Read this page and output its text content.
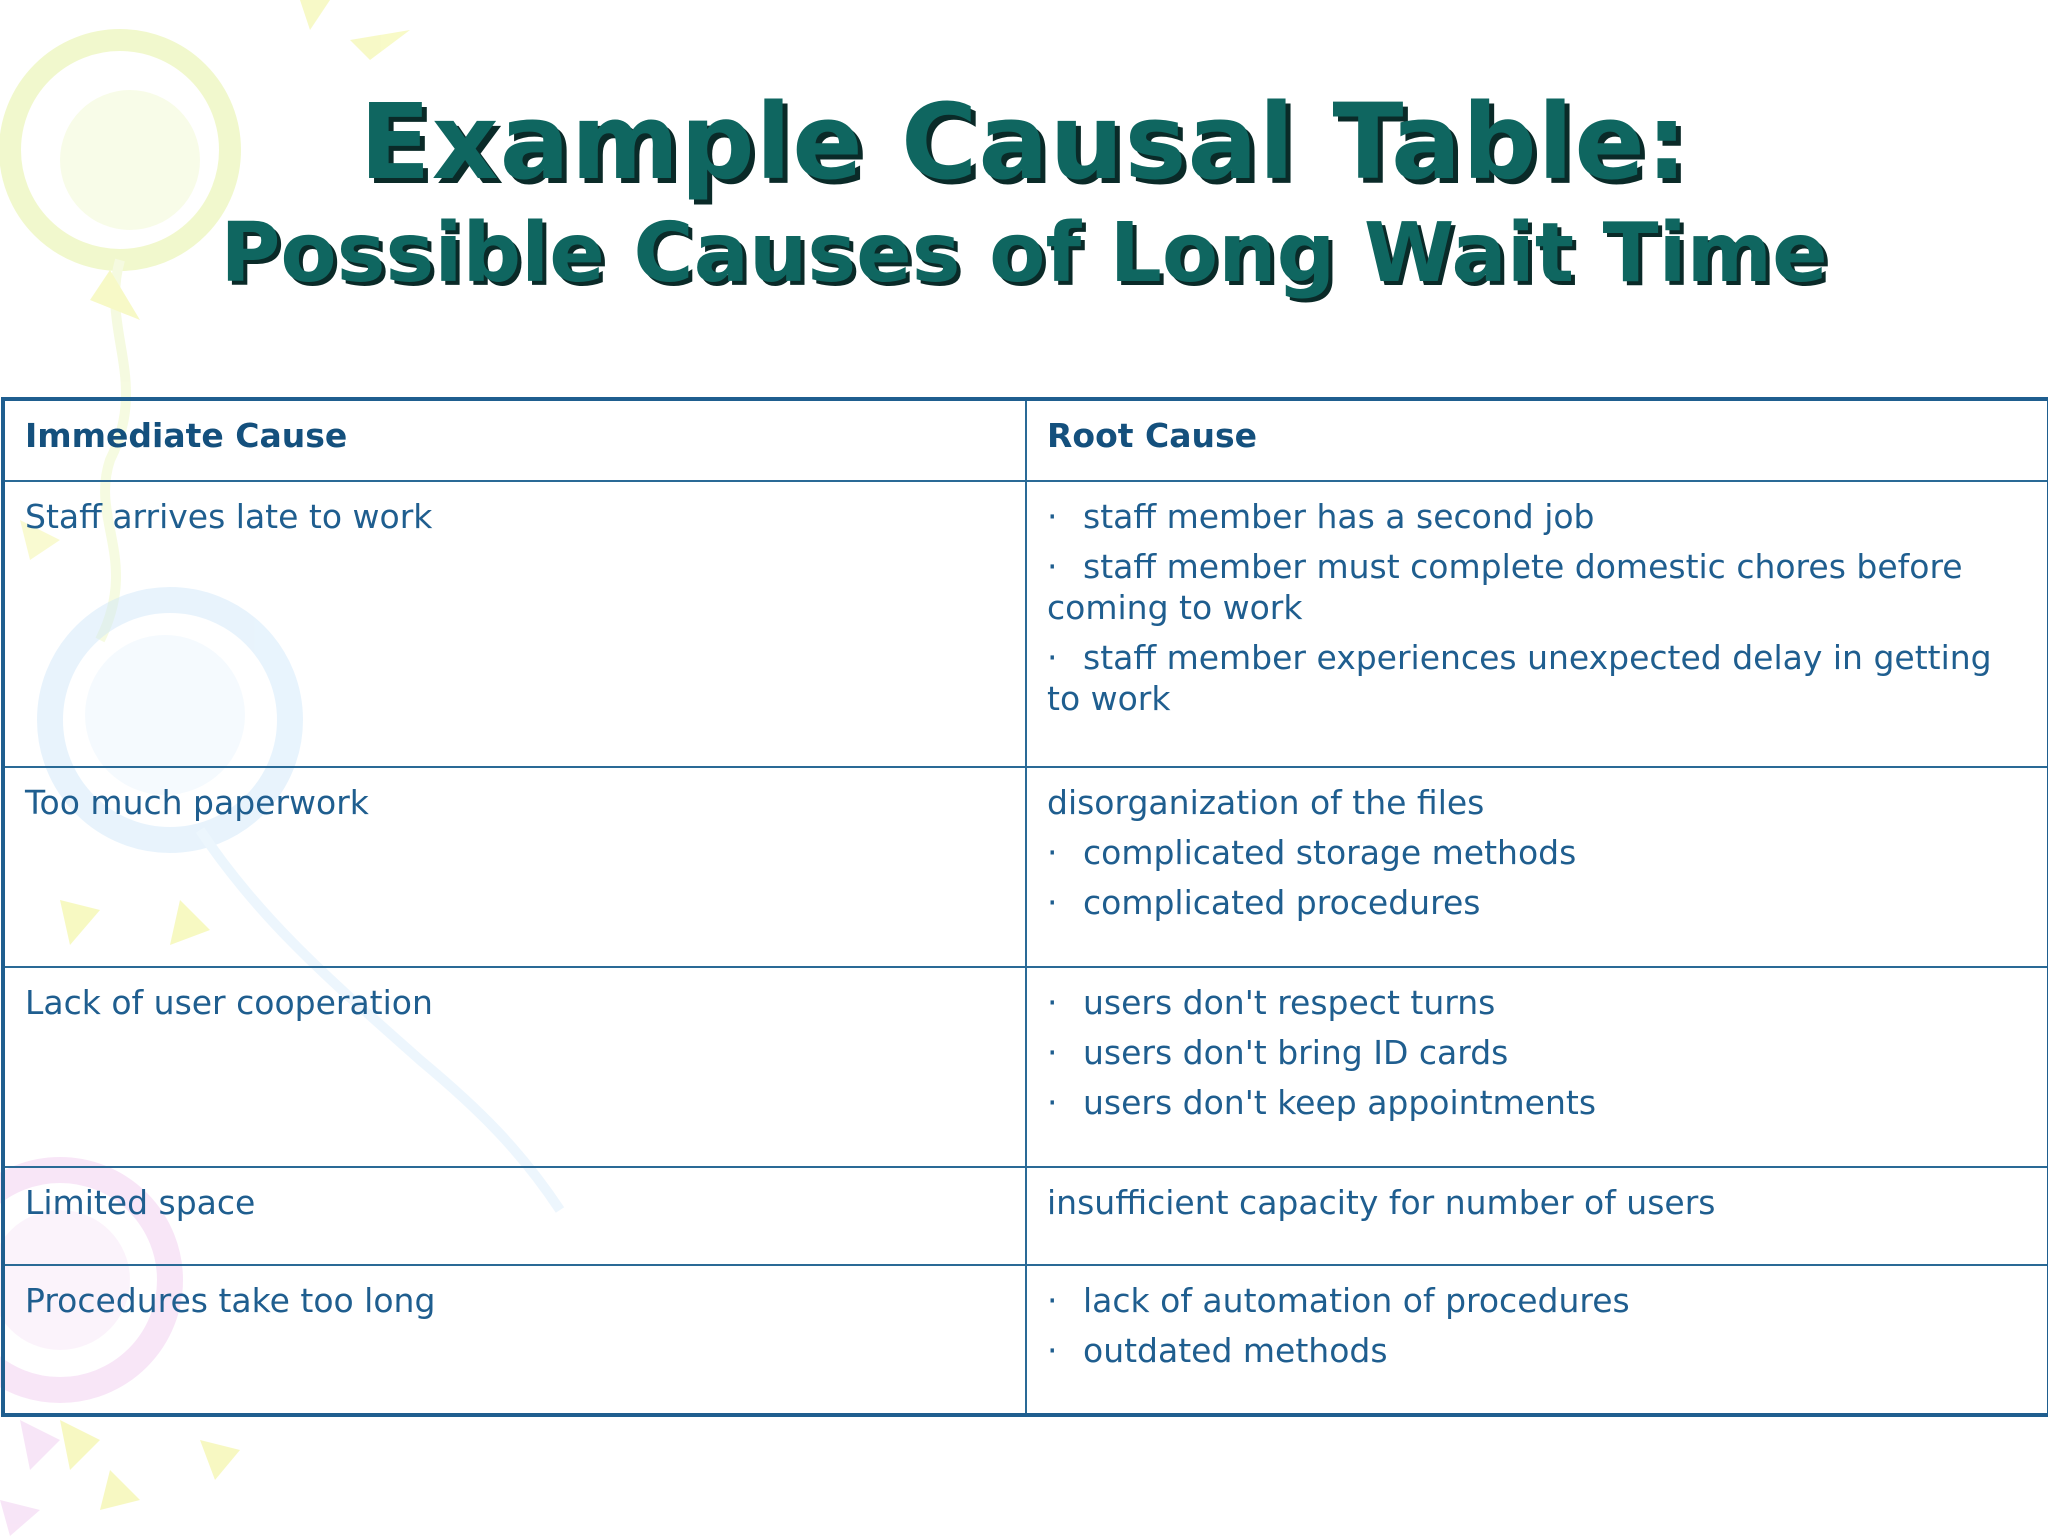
Example Causal Table:
Possible Causes of Long Wait Time
Immediate Cause	Root Cause
Staff arrives late to work	· staff member has a second job
· staff member must complete domestic chores before coming to work
· staff member experiences unexpected delay in getting to work

Too much paperwork	disorganization of the files
· complicated storage methods
· complicated procedures

Lack of user cooperation	· users don't respect turns
· users don't bring ID cards
· users don't keep appointments

Limited space	insufficient capacity for number of users

Procedures take too long	· lack of automation of procedures
· outdated methods
